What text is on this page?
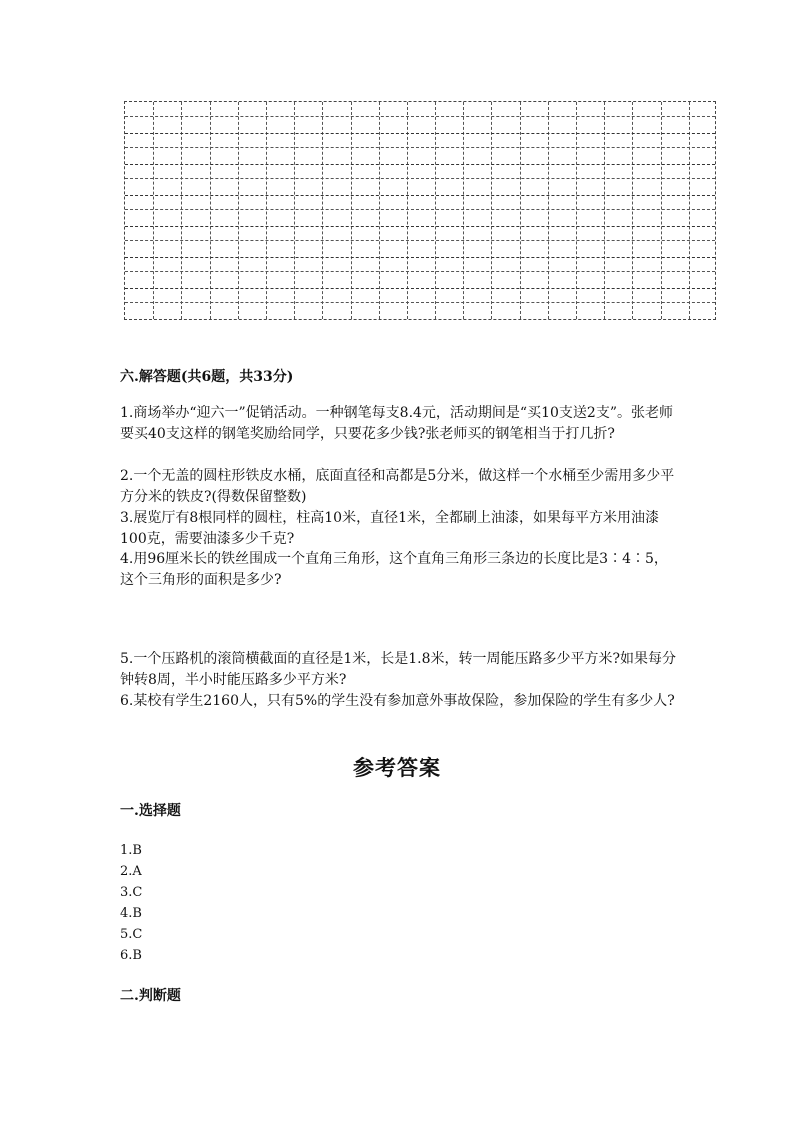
六.解答题(共6题，共33分)
1.商场举办“迎六一”促销活动。一种钢笔每支8.4元，活动期间是“买10支送2支”。张老师要买40支这样的钢笔奖励给同学，只要花多少钱?张老师买的钢笔相当于打几折?
2.一个无盖的圆柱形铁皮水桶，底面直径和高都是5分米，做这样一个水桶至少需用多少平方分米的铁皮?(得数保留整数)
3.展览厅有8根同样的圆柱，柱高10米，直径1米，全都刷上油漆，如果每平方米用油漆100克，需要油漆多少千克?
4.用96厘米长的铁丝围成一个直角三角形，这个直角三角形三条边的长度比是3∶4∶5，这个三角形的面积是多少?
5.一个压路机的滚筒横截面的直径是1米，长是1.8米，转一周能压路多少平方米?如果每分钟转8周，半小时能压路多少平方米?
6.某校有学生2160人，只有5%的学生没有参加意外事故保险，参加保险的学生有多少人?
参考答案
一.选择题
1.B
2.A
3.C
4.B
5.C
6.B
二.判断题
